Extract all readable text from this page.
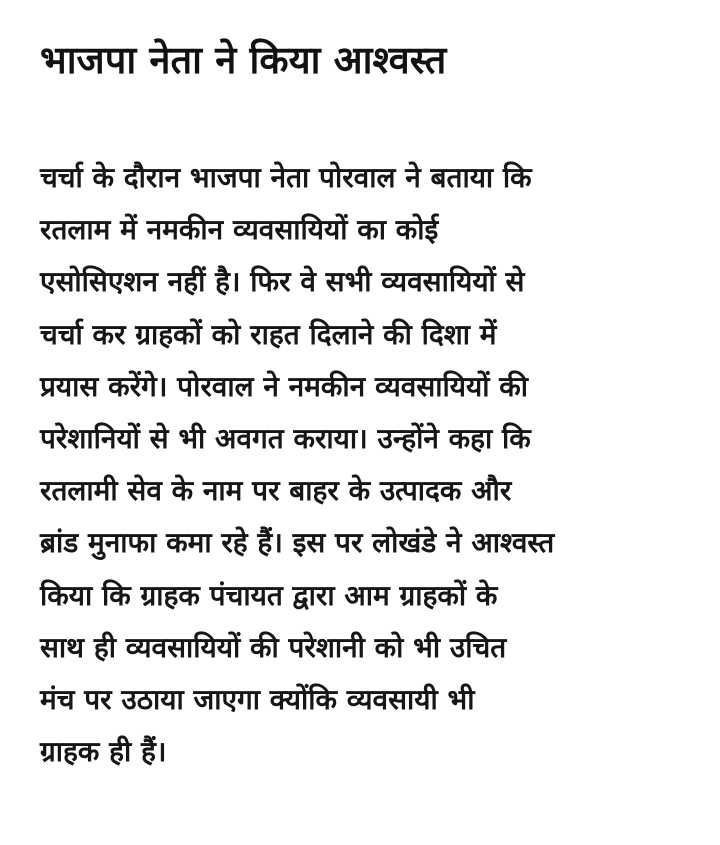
भाजपा नेता ने किया आश्वस्त
चर्चा के दौरान भाजपा नेता पोरवाल ने बताया कि
रतलाम में नमकीन व्यवसायियों का कोई
एसोसिएशन नहीं है। फिर वे सभी व्यवसायियों से
चर्चा कर ग्राहकों को राहत दिलाने की दिशा में
प्रयास करेंगे। पोरवाल ने नमकीन व्यवसायियों की
परेशानियों से भी अवगत कराया। उन्होंने कहा कि
रतलामी सेव के नाम पर बाहर के उत्पादक और
ब्रांड मुनाफा कमा रहे हैं। इस पर लोखंडे ने आश्वस्त
किया कि ग्राहक पंचायत द्वारा आम ग्राहकों के
साथ ही व्यवसायियों की परेशानी को भी उचित
मंच पर उठाया जाएगा क्योंकि व्यवसायी भी
ग्राहक ही हैं।
